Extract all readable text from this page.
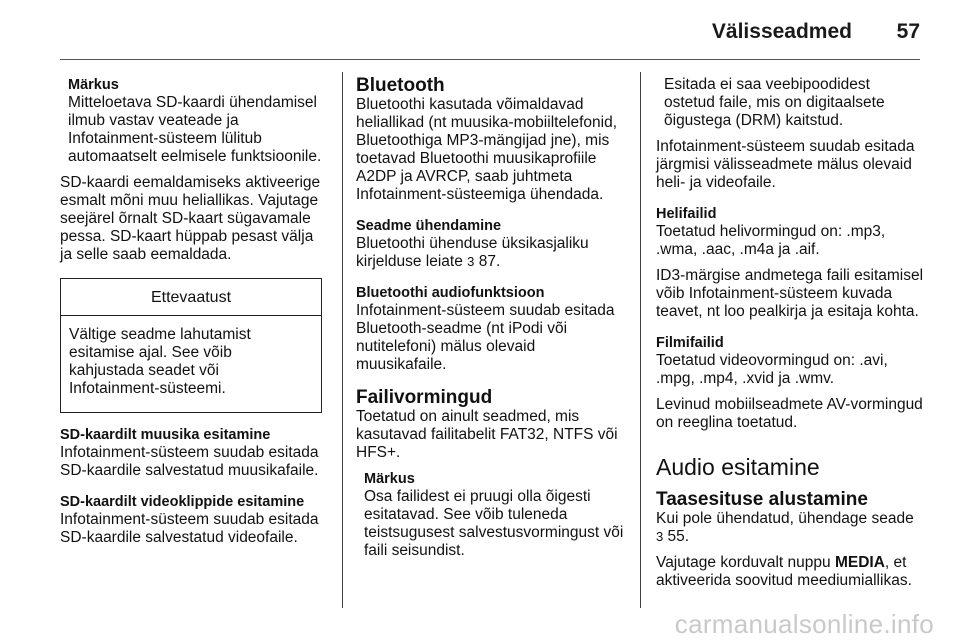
Välisseadmed 57
Märkus
Mitteloetava SD-kaardi ühendamisel ilmub vastav veateade ja Infotainment-süsteem lülitub automaatselt eelmisele funktsioonile.

SD-kaardi eemaldamiseks aktiveerige esmalt mõni muu heliallikas. Vajutage seejärel õrnalt SD-kaart sügavamale pessa. SD-kaart hüppab pesast välja ja selle saab eemaldada.

Ettevaatust
Vältige seadme lahutamist esitamise ajal. See võib kahjustada seadet või Infotainment-süsteemi.
SD-kaardilt muusika esitamine

Infotainment-süsteem suudab esitada SD-kaardile salvestatud muusikafaile.

SD-kaardilt videoklippide esitamine

Infotainment-süsteem suudab esitada SD-kaardile salvestatud videofaile.

Bluetooth

Bluetoothi kasutada võimaldavad heliallikad (nt muusika-mobiiltelefonid, Bluetoothiga MP3-mängijad jne), mis toetavad Bluetoothi muusikaprofiile A2DP ja AVRCP, saab juhtmeta Infotainment-süsteemiga ühendada.

Seadme ühendamine

Bluetoothi ühenduse üksikasjaliku kirjelduse leiate 3 87.

Bluetoothi audiofunktsioon

Infotainment-süsteem suudab esitada Bluetooth-seadme (nt iPodi või nutitelefoni) mälus olevaid muusikafaile.

Failivormingud

Toetatud on ainult seadmed, mis kasutavad failitabelit FAT32, NTFS või HFS+.

Märkus
Osa failidest ei pruugi olla õigesti esitatavad. See võib tuleneda teistsugusest salvestusvormingust või faili seisundist.
Esitada ei saa veebipoodidest ostetud faile, mis on digitaalsete õigustega (DRM) kaitstud.

Infotainment-süsteem suudab esitada järgmisi välisseadmete mälus olevaid heli- ja videofaile.

Helifailid

Toetatud helivormingud on: .mp3, .wma, .aac, .m4a ja .aif.

ID3-märgise andmetega faili esitamisel võib Infotainment-süsteem kuvada teavet, nt loo pealkirja ja esitaja kohta.

Filmifailid

Toetatud videovormingud on: .avi, .mpg, .mp4, .xvid ja .wmv.

Levinud mobiilseadmete AV-vormingud on reeglina toetatud.

Audio esitamine
Taasesituse alustamine

Kui pole ühendatud, ühendage seade 3 55.

Vajutage korduvalt nuppu MEDIA, et aktiveerida soovitud meediumiallikas.

carmanualsonline.info
